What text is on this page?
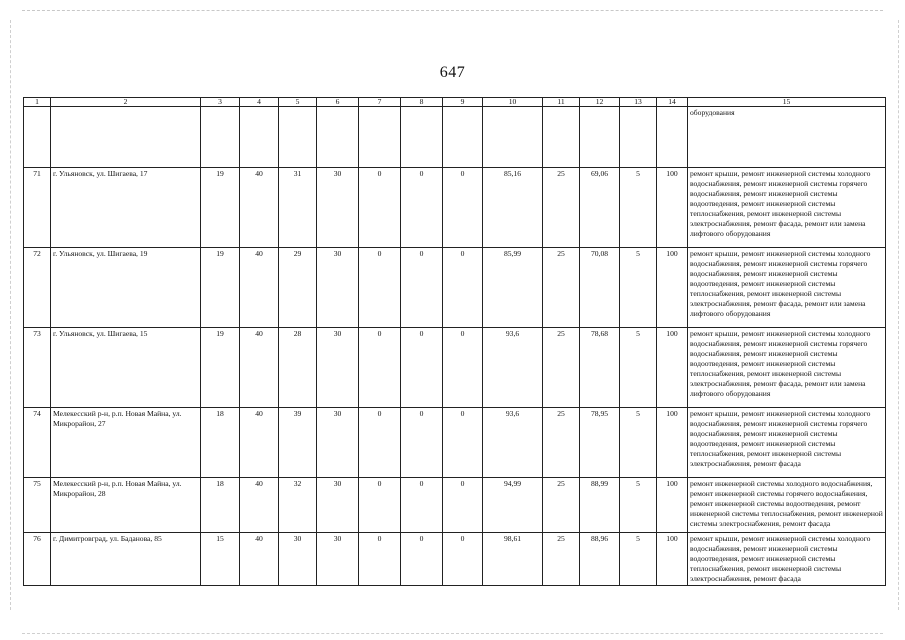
647
1	2	3	4	5	6	7	8	9	10	11	12	13	14	15
														оборудования
71	г. Ульяновск, ул. Шигаева, 17	19	40	31	30	0	0	0	85,16	25	69,06	5	100	ремонт крыши, ремонт инженерной системы холодного водоснабжения, ремонт инженерной системы горячего водоснабжения, ремонт инженерной системы водоотведения, ремонт инженерной системы теплоснабжения, ремонт инженерной системы электроснабжения, ремонт фасада, ремонт или замена лифтового оборудования
72	г. Ульяновск, ул. Шигаева, 19	19	40	29	30	0	0	0	85,99	25	70,08	5	100	ремонт крыши, ремонт инженерной системы холодного водоснабжения, ремонт инженерной системы горячего водоснабжения, ремонт инженерной системы водоотведения, ремонт инженерной системы теплоснабжения, ремонт инженерной системы электроснабжения, ремонт фасада, ремонт или замена лифтового оборудования
73	г. Ульяновск, ул. Шигаева, 15	19	40	28	30	0	0	0	93,6	25	78,68	5	100	ремонт крыши, ремонт инженерной системы холодного водоснабжения, ремонт инженерной системы горячего водоснабжения, ремонт инженерной системы водоотведения, ремонт инженерной системы теплоснабжения, ремонт инженерной системы электроснабжения, ремонт фасада, ремонт или замена лифтового оборудования
74	Мелекесский р-н, р.п. Новая Майна, ул. Микрорайон, 27	18	40	39	30	0	0	0	93,6	25	78,95	5	100	ремонт крыши, ремонт инженерной системы холодного водоснабжения, ремонт инженерной системы горячего водоснабжения, ремонт инженерной системы водоотведения, ремонт инженерной системы теплоснабжения, ремонт инженерной системы электроснабжения, ремонт фасада
75	Мелекесский р-н, р.п. Новая Майна, ул. Микрорайон, 28	18	40	32	30	0	0	0	94,99	25	88,99	5	100	ремонт инженерной системы холодного водоснабжения, ремонт инженерной системы горячего водоснабжения, ремонт инженерной системы водоотведения, ремонт инженерной системы теплоснабжения, ремонт инженерной системы электроснабжения, ремонт фасада
76	г. Димитровград, ул. Баданова, 85	15	40	30	30	0	0	0	98,61	25	88,96	5	100	ремонт крыши, ремонт инженерной системы холодного водоснабжения, ремонт инженерной системы водоотведения, ремонт инженерной системы теплоснабжения, ремонт инженерной системы электроснабжения, ремонт фасада
